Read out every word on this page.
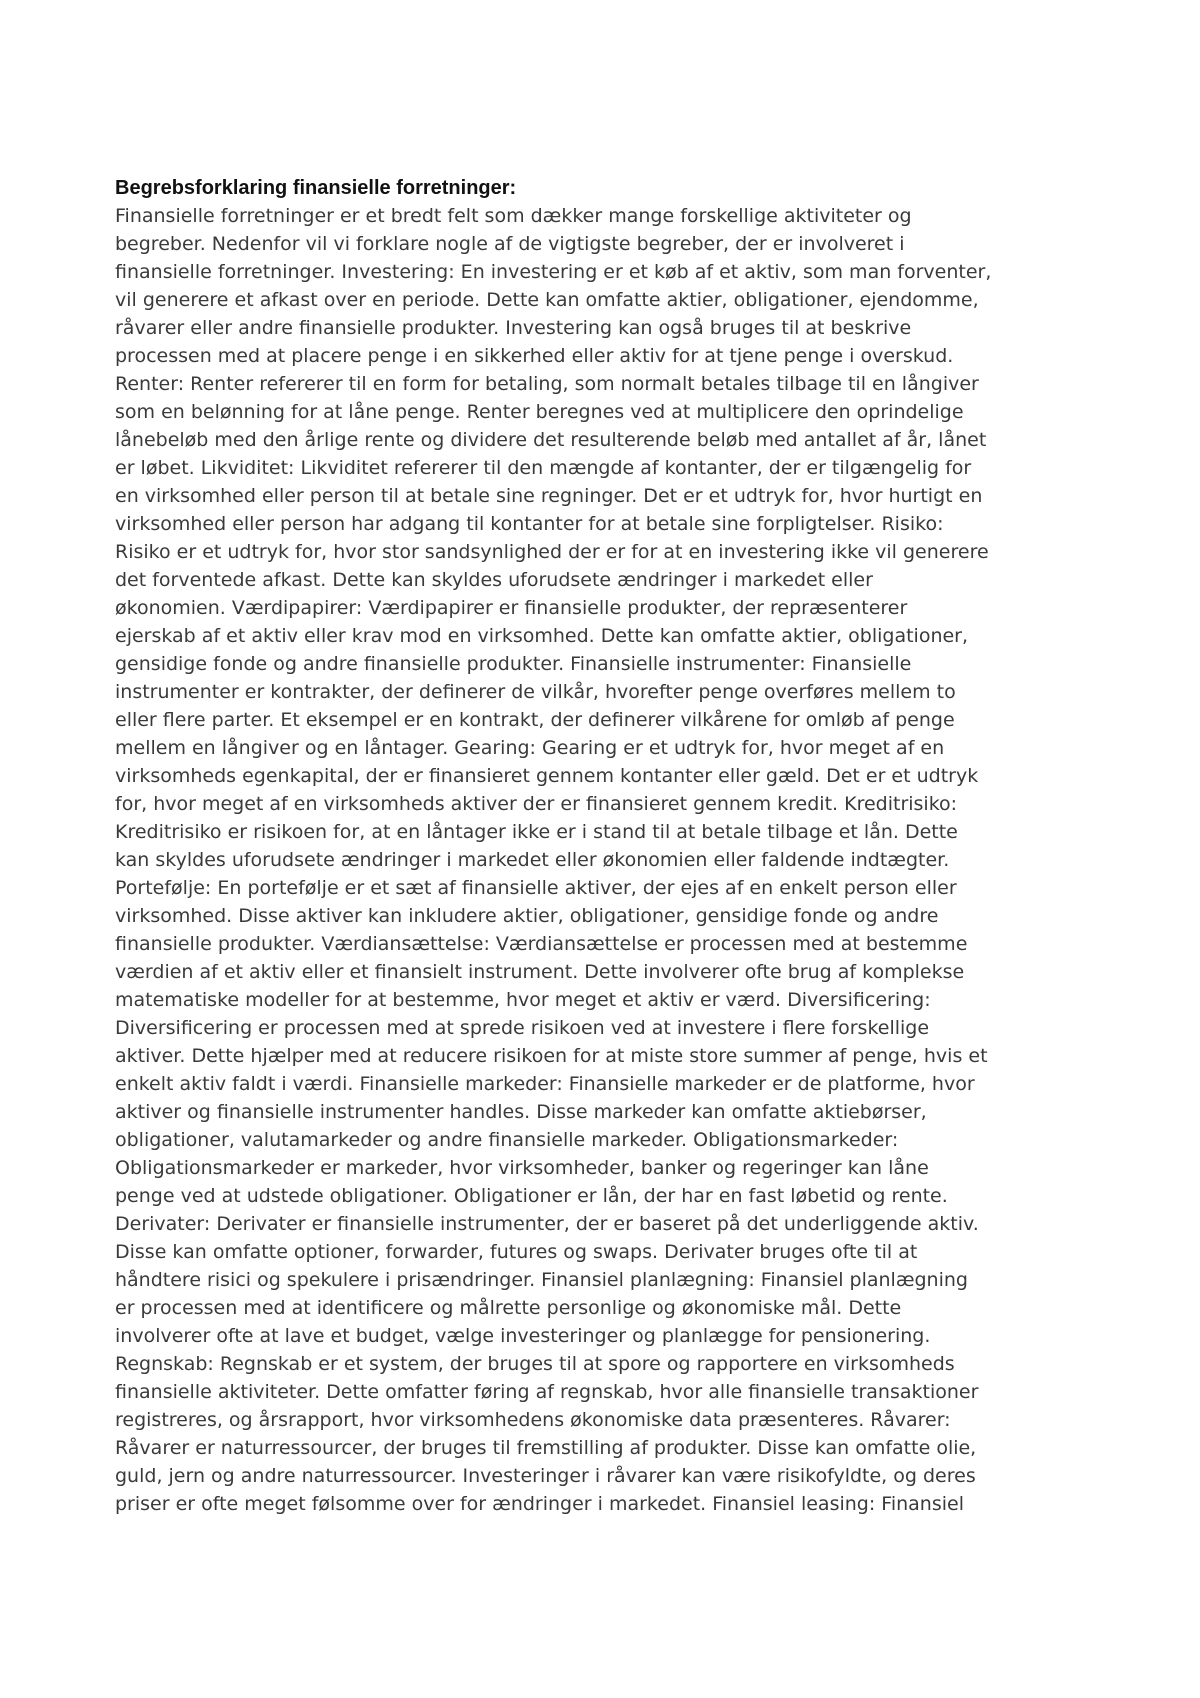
Begrebsforklaring finansielle forretninger:

Finansielle forretninger er et bredt felt som dækker mange forskellige aktiviteter og

begreber. Nedenfor vil vi forklare nogle af de vigtigste begreber, der er involveret i

finansielle forretninger. Investering: En investering er et køb af et aktiv, som man forventer,

vil generere et afkast over en periode. Dette kan omfatte aktier, obligationer, ejendomme,

råvarer eller andre finansielle produkter. Investering kan også bruges til at beskrive

processen med at placere penge i en sikkerhed eller aktiv for at tjene penge i overskud.

Renter: Renter refererer til en form for betaling, som normalt betales tilbage til en långiver

som en belønning for at låne penge. Renter beregnes ved at multiplicere den oprindelige

lånebeløb med den årlige rente og dividere det resulterende beløb med antallet af år, lånet

er løbet. Likviditet: Likviditet refererer til den mængde af kontanter, der er tilgængelig for

en virksomhed eller person til at betale sine regninger. Det er et udtryk for, hvor hurtigt en

virksomhed eller person har adgang til kontanter for at betale sine forpligtelser. Risiko:

Risiko er et udtryk for, hvor stor sandsynlighed der er for at en investering ikke vil generere

det forventede afkast. Dette kan skyldes uforudsete ændringer i markedet eller

økonomien. Værdipapirer: Værdipapirer er finansielle produkter, der repræsenterer

ejerskab af et aktiv eller krav mod en virksomhed. Dette kan omfatte aktier, obligationer,

gensidige fonde og andre finansielle produkter. Finansielle instrumenter: Finansielle

instrumenter er kontrakter, der definerer de vilkår, hvorefter penge overføres mellem to

eller flere parter. Et eksempel er en kontrakt, der definerer vilkårene for omløb af penge

mellem en långiver og en låntager. Gearing: Gearing er et udtryk for, hvor meget af en

virksomheds egenkapital, der er finansieret gennem kontanter eller gæld. Det er et udtryk

for, hvor meget af en virksomheds aktiver der er finansieret gennem kredit. Kreditrisiko:

Kreditrisiko er risikoen for, at en låntager ikke er i stand til at betale tilbage et lån. Dette

kan skyldes uforudsete ændringer i markedet eller økonomien eller faldende indtægter.

Portefølje: En portefølje er et sæt af finansielle aktiver, der ejes af en enkelt person eller

virksomhed. Disse aktiver kan inkludere aktier, obligationer, gensidige fonde og andre

finansielle produkter. Værdiansættelse: Værdiansættelse er processen med at bestemme

værdien af et aktiv eller et finansielt instrument. Dette involverer ofte brug af komplekse

matematiske modeller for at bestemme, hvor meget et aktiv er værd. Diversificering:

Diversificering er processen med at sprede risikoen ved at investere i flere forskellige

aktiver. Dette hjælper med at reducere risikoen for at miste store summer af penge, hvis et

enkelt aktiv faldt i værdi. Finansielle markeder: Finansielle markeder er de platforme, hvor

aktiver og finansielle instrumenter handles. Disse markeder kan omfatte aktiebørser,

obligationer, valutamarkeder og andre finansielle markeder. Obligationsmarkeder:

Obligationsmarkeder er markeder, hvor virksomheder, banker og regeringer kan låne

penge ved at udstede obligationer. Obligationer er lån, der har en fast løbetid og rente.

Derivater: Derivater er finansielle instrumenter, der er baseret på det underliggende aktiv.

Disse kan omfatte optioner, forwarder, futures og swaps. Derivater bruges ofte til at

håndtere risici og spekulere i prisændringer. Finansiel planlægning: Finansiel planlægning

er processen med at identificere og målrette personlige og økonomiske mål. Dette

involverer ofte at lave et budget, vælge investeringer og planlægge for pensionering.

Regnskab: Regnskab er et system, der bruges til at spore og rapportere en virksomheds

finansielle aktiviteter. Dette omfatter føring af regnskab, hvor alle finansielle transaktioner

registreres, og årsrapport, hvor virksomhedens økonomiske data præsenteres. Råvarer:

Råvarer er naturressourcer, der bruges til fremstilling af produkter. Disse kan omfatte olie,

guld, jern og andre naturressourcer. Investeringer i råvarer kan være risikofyldte, og deres

priser er ofte meget følsomme over for ændringer i markedet. Finansiel leasing: Finansiel
